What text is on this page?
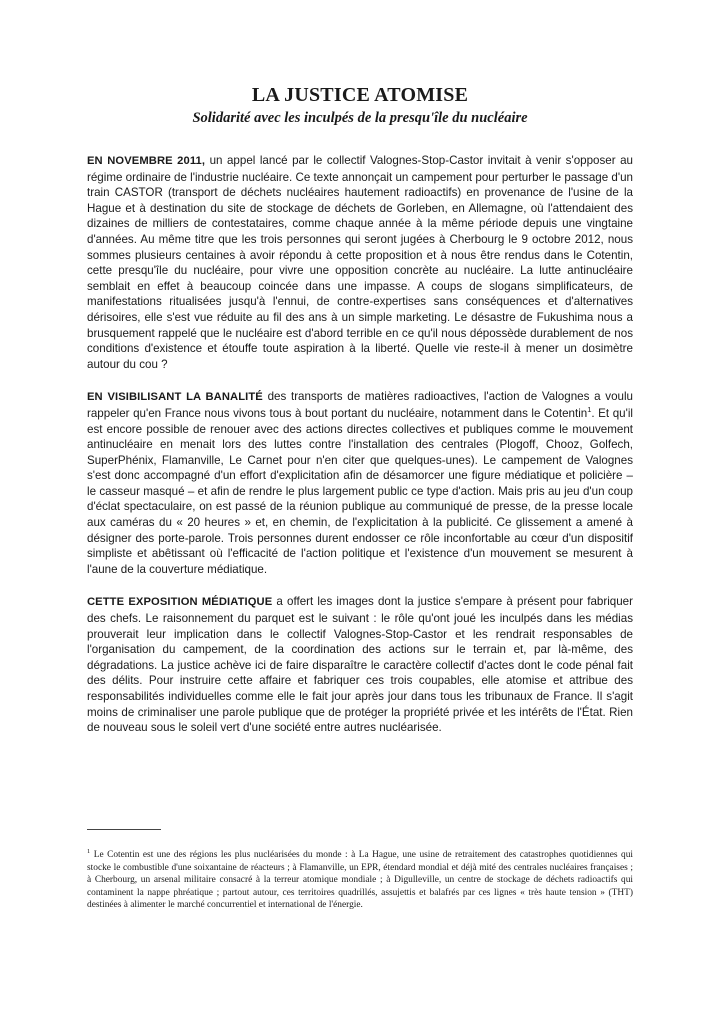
LA JUSTICE ATOMISE
Solidarité avec les inculpés de la presqu'île du nucléaire

EN NOVEMBRE 2011, un appel lancé par le collectif Valognes-Stop-Castor invitait à venir s'opposer au régime ordinaire de l'industrie nucléaire. Ce texte annonçait un campement pour perturber le passage d'un train CASTOR (transport de déchets nucléaires hautement radioactifs) en provenance de l'usine de la Hague et à destination du site de stockage de déchets de Gorleben, en Allemagne, où l'attendaient des dizaines de milliers de contestataires, comme chaque année à la même période depuis une vingtaine d'années. Au même titre que les trois personnes qui seront jugées à Cherbourg le 9 octobre 2012, nous sommes plusieurs centaines à avoir répondu à cette proposition et à nous être rendus dans le Cotentin, cette presqu'île du nucléaire, pour vivre une opposition concrète au nucléaire. La lutte antinucléaire semblait en effet à beaucoup coincée dans une impasse. A coups de slogans simplificateurs, de manifestations ritualisées jusqu'à l'ennui, de contre-expertises sans conséquences et d'alternatives dérisoires, elle s'est vue réduite au fil des ans à un simple marketing. Le désastre de Fukushima nous a brusquement rappelé que le nucléaire est d'abord terrible en ce qu'il nous dépossède durablement de nos conditions d'existence et étouffe toute aspiration à la liberté. Quelle vie reste-il à mener un dosimètre autour du cou ?

EN VISIBILISANT LA BANALITÉ des transports de matières radioactives, l'action de Valognes a voulu rappeler qu'en France nous vivons tous à bout portant du nucléaire, notamment dans le Cotentin$^1$. Et qu'il est encore possible de renouer avec des actions directes collectives et publiques comme le mouvement antinucléaire en menait lors des luttes contre l'installation des centrales (Plogoff, Chooz, Golfech, SuperPhénix, Flamanville, Le Carnet pour n'en citer que quelques-unes). Le campement de Valognes s'est donc accompagné d'un effort d'explicitation afin de désamorcer une figure médiatique et policière – le casseur masqué – et afin de rendre le plus largement public ce type d'action. Mais pris au jeu d'un coup d'éclat spectaculaire, on est passé de la réunion publique au communiqué de presse, de la presse locale aux caméras du « 20 heures » et, en chemin, de l'explicitation à la publicité. Ce glissement a amené à désigner des porte-parole. Trois personnes durent endosser ce rôle inconfortable au cœur d'un dispositif simpliste et abêtissant où l'efficacité de l'action politique et l'existence d'un mouvement se mesurent à l'aune de la couverture médiatique.

CETTE EXPOSITION MÉDIATIQUE a offert les images dont la justice s'empare à présent pour fabriquer des chefs. Le raisonnement du parquet est le suivant : le rôle qu'ont joué les inculpés dans les médias prouverait leur implication dans le collectif Valognes-Stop-Castor et les rendrait responsables de l'organisation du campement, de la coordination des actions sur le terrain et, par là-même, des dégradations. La justice achève ici de faire disparaître le caractère collectif d'actes dont le code pénal fait des délits. Pour instruire cette affaire et fabriquer ces trois coupables, elle atomise et attribue des responsabilités individuelles comme elle le fait jour après jour dans tous les tribunaux de France. Il s'agit moins de criminaliser une parole publique que de protéger la propriété privée et les intérêts de l'État. Rien de nouveau sous le soleil vert d'une société entre autres nucléarisée.

$^1$ Le Cotentin est une des régions les plus nucléarisées du monde : à La Hague, une usine de retraitement des catastrophes quotidiennes qui stocke le combustible d'une soixantaine de réacteurs ; à Flamanville, un EPR, étendard mondial et déjà mité des centrales nucléaires françaises ; à Cherbourg, un arsenal militaire consacré à la terreur atomique mondiale ; à Digulleville, un centre de stockage de déchets radioactifs qui contaminent la nappe phréatique ; partout autour, ces territoires quadrillés, assujettis et balafrés par ces lignes « très haute tension » (THT) destinées à alimenter le marché concurrentiel et international de l'énergie.
